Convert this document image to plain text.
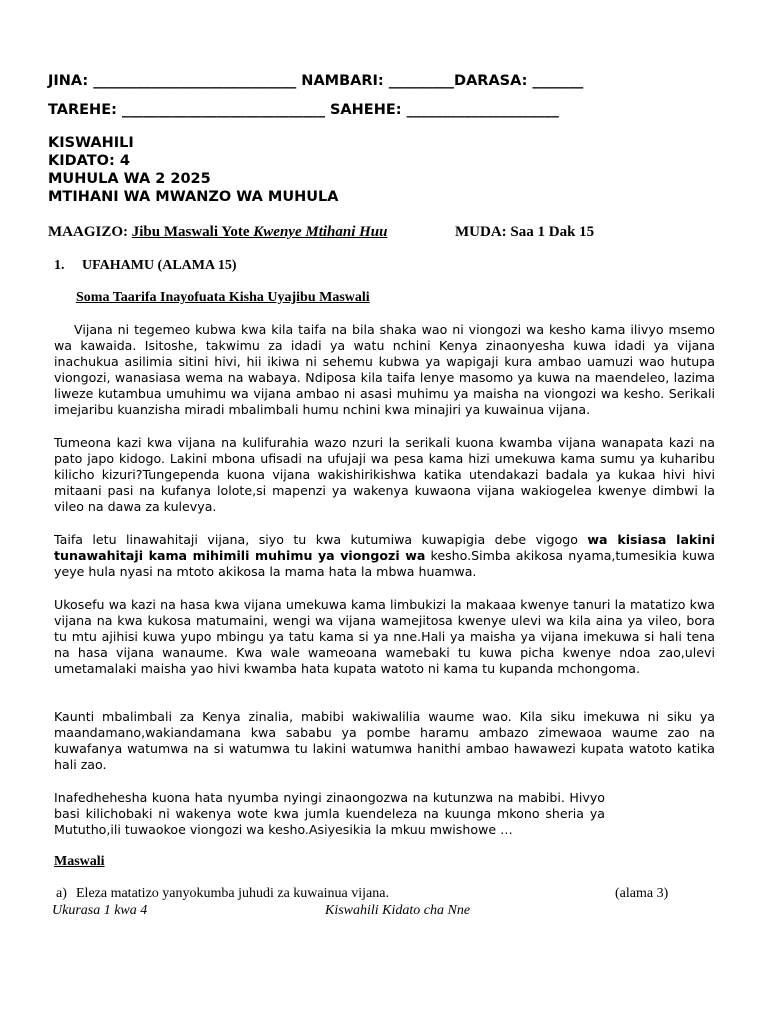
JINA: ____________________________ NAMBARI: _________DARASA: _______
TAREHE: ____________________________ SAHEHE: _____________________
KISWAHILI
KIDATO: 4
MUHULA WA 2 2025
MTIHANI WA MWANZO WA MUHULA
MAAGIZO: Jibu Maswali Yote Kwenye Mtihani Huu	MUDA: Saa 1 Dak 15
1. UFAHAMU (ALAMA 15)
Soma Taarifa Inayofuata Kisha Uyajibu Maswali
Vijana ni tegemeo kubwa kwa kila taifa na bila shaka wao ni viongozi wa kesho kama ilivyo msemo wa kawaida. Isitoshe, takwimu za idadi ya watu nchini Kenya zinaonyesha kuwa idadi ya vijana inachukua asilimia sitini hivi, hii ikiwa ni sehemu kubwa ya wapigaji kura ambao uamuzi wao hutupa viongozi, wanasiasa wema na wabaya. Ndiposa kila taifa lenye masomo ya kuwa na maendeleo, lazima liweze kutambua umuhimu wa vijana ambao ni asasi muhimu ya maisha na viongozi wa kesho. Serikali imejaribu kuanzisha miradi mbalimbali humu nchini kwa minajiri ya kuwainua vijana.
Tumeona kazi kwa vijana na kulifurahia wazo nzuri la serikali kuona kwamba vijana wanapata kazi na pato japo kidogo. Lakini mbona ufisadi na ufujaji wa pesa kama hizi umekuwa kama sumu ya kuharibu kilicho kizuri?Tungependa kuona vijana wakishirikishwa katika utendakazi badala ya kukaa hivi hivi mitaani pasi na kufanya lolote,si mapenzi ya wakenya kuwaona vijana wakiogelea kwenye dimbwi la vileo na dawa za kulevya.
Taifa letu linawahitaji vijana, siyo tu kwa kutumiwa kuwapigia debe vigogo wa kisiasa lakini tunawahitaji kama mihimili muhimu ya viongozi wa kesho.Simba akikosa nyama,tumesikia kuwa yeye hula nyasi na mtoto akikosa la mama hata la mbwa huamwa.
Ukosefu wa kazi na hasa kwa vijana umekuwa kama limbukizi la makaaa kwenye tanuri la matatizo kwa vijana na kwa kukosa matumaini, wengi wa vijana wamejitosa kwenye ulevi wa kila aina ya vileo, bora tu mtu ajihisi kuwa yupo mbingu ya tatu kama si ya nne.Hali ya maisha ya vijana imekuwa si hali tena na hasa vijana wanaume. Kwa wale wameoana wamebaki tu kuwa picha kwenye ndoa zao,ulevi umetamalaki maisha yao hivi kwamba hata kupata watoto ni kama tu kupanda mchongoma.
Kaunti mbalimbali za Kenya zinalia, mabibi wakiwalilia waume wao. Kila siku imekuwa ni siku ya maandamano,wakiandamana kwa sababu ya pombe haramu ambazo zimewaoa waume zao na kuwafanya watumwa na si watumwa tu lakini watumwa hanithi ambao hawawezi kupata watoto katika hali zao.
Inafedhehesha kuona hata nyumba nyingi zinaongozwa na kutunzwa na mabibi. Hivyo basi kilichobaki ni wakenya wote kwa jumla kuendeleza na kuunga mkono sheria ya Mututho,ili tuwaokoe viongozi wa kesho.Asiyesikia la mkuu mwishowe …
Maswali
a) Eleza matatizo yanyokumba juhudi za kuwainua vijana.	(alama 3)
Ukurasa 1 kwa 4	Kiswahili Kidato cha Nne
